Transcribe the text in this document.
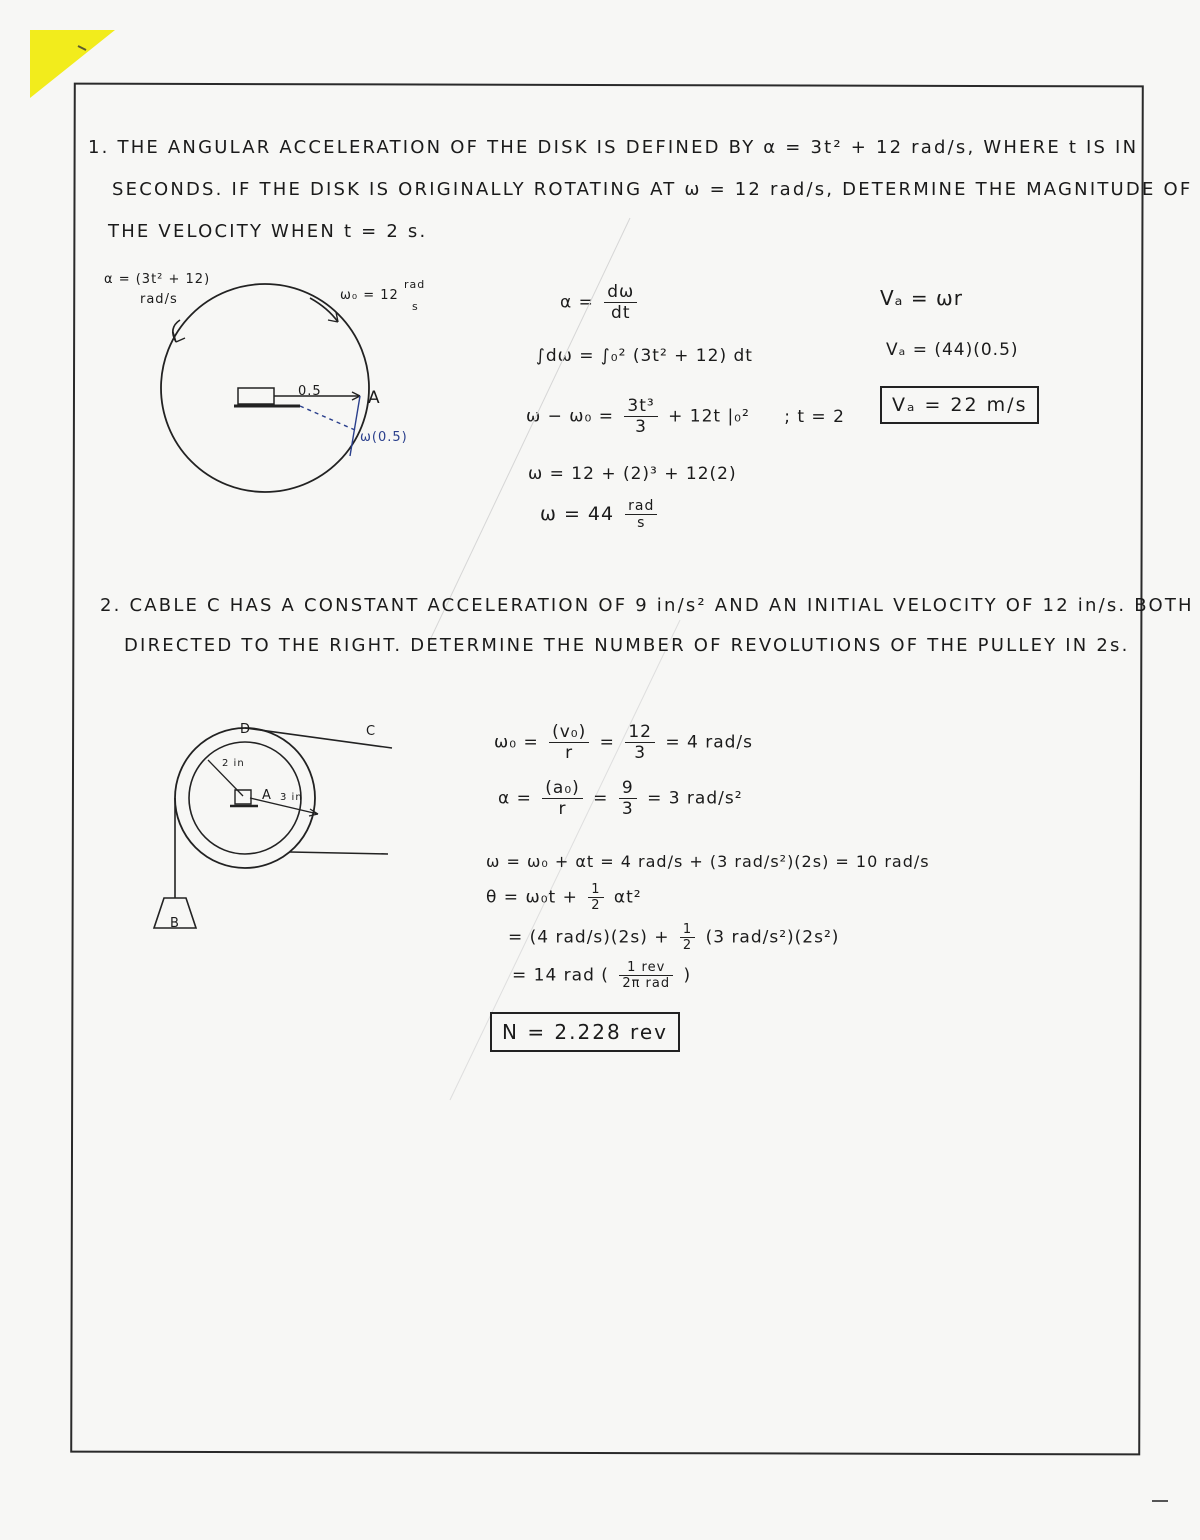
1. THE ANGULAR ACCELERATION OF THE DISK IS DEFINED BY α = 3t² + 12 rad/s, WHERE t IS IN
SECONDS. IF THE DISK IS ORIGINALLY ROTATING AT ω = 12 rad/s, DETERMINE THE MAGNITUDE OF
THE VELOCITY WHEN t = 2 s.
α = (3t² + 12)
rad/s	ω₀ = 12
rad
s
0.5	A
ω(0.5)
$\alpha = \frac{d\omega}{dt}$
∫dω = ∫₀² (3t² + 12) dt
$\omega - \omega_0 = \frac{\text{3t³}}{3} + 12t$ |₀² ; t = 2
ω = 12 + (2)³ + 12(2)
$\omega = 44 \frac{\text{rad}}{s}$
Vₐ = ωr
Vₐ = (44)(0.5)
Vₐ = 22 m/s
2. CABLE C HAS A CONSTANT ACCELERATION OF 9 in/s² AND AN INITIAL VELOCITY OF 12 in/s. BOTH
DIRECTED TO THE RIGHT. DETERMINE THE NUMBER OF REVOLUTIONS OF THE PULLEY IN 2s.
D	C
A
B
2 in
3 in
$\omega_0 = \frac{\text{(v₀)}}{r} = \frac{12}{3} = 4$ rad/s
$\alpha = \frac{\text{(a₀)}}{r} = \frac{9}{3} = 3$ rad/s²
ω = ω₀ + αt = 4 rad/s + (3 rad/s²)(2s) = 10 rad/s
$\theta = \omega_0t + \frac{1}{2} \alpha t^2$
= (4 $rad/s)(2s) + \frac{1}{2} (3$ rad/s²)(2s²)
= 14 rad ( $\frac{\text{1 rev}}{\text{2π rad}}$ )
N = 2.228 rev
